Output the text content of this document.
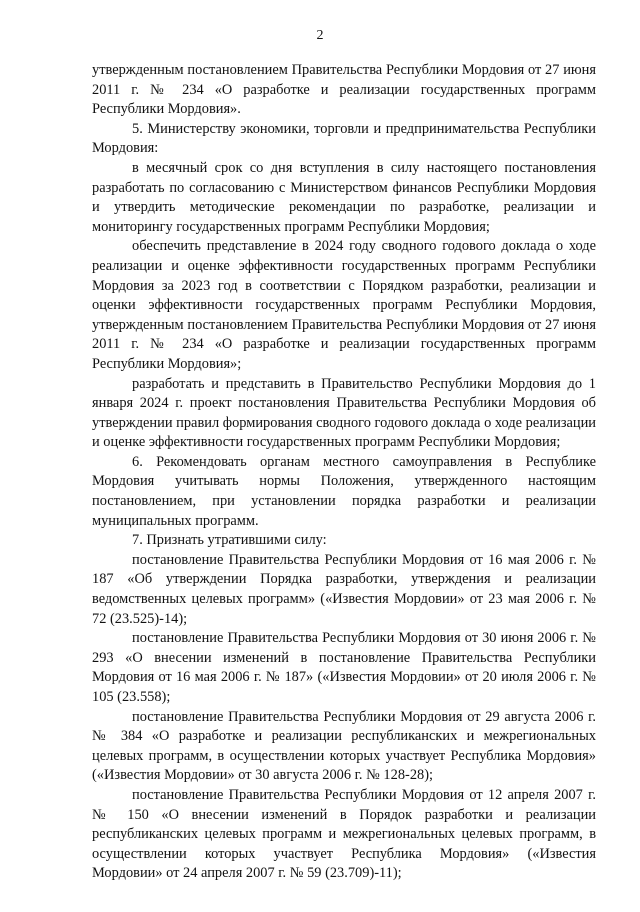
2

утвержденным постановлением Правительства Республики Мордовия от 27 июня 2011 г. № 234 «О разработке и реализации государственных программ Республики Мордовия».

5. Министерству экономики, торговли и предпринимательства Республики Мордовия:

в месячный срок со дня вступления в силу настоящего постановления разработать по согласованию с Министерством финансов Республики Мордовия и утвердить методические рекомендации по разработке, реализации и мониторингу государственных программ Республики Мордовия;

обеспечить представление в 2024 году сводного годового доклада о ходе реализации и оценке эффективности государственных программ Республики Мордовия за 2023 год в соответствии с Порядком разработки, реализации и оценки эффективности государственных программ Республики Мордовия, утвержденным постановлением Правительства Республики Мордовия от 27 июня 2011 г. № 234 «О разработке и реализации государственных программ Республики Мордовия»;

разработать и представить в Правительство Республики Мордовия до 1 января 2024 г. проект постановления Правительства Республики Мордовия об утверждении правил формирования сводного годового доклада о ходе реализации и оценке эффективности государственных программ Республики Мордовия;

6. Рекомендовать органам местного самоуправления в Республике Мордовия учитывать нормы Положения, утвержденного настоящим постановлением, при установлении порядка разработки и реализации муниципальных программ.

7. Признать утратившими силу:

постановление Правительства Республики Мордовия от 16 мая 2006 г. № 187 «Об утверждении Порядка разработки, утверждения и реализации ведомственных целевых программ» («Известия Мордовии» от 23 мая 2006 г. № 72 (23.525)-14);

постановление Правительства Республики Мордовия от 30 июня 2006 г. № 293 «О внесении изменений в постановление Правительства Республики Мордовия от 16 мая 2006 г. № 187» («Известия Мордовии» от 20 июля 2006 г. № 105 (23.558);

постановление Правительства Республики Мордовия от 29 августа 2006 г. № 384 «О разработке и реализации республиканских и межрегиональных целевых программ, в осуществлении которых участвует Республика Мордовия» («Известия Мордовии» от 30 августа 2006 г. № 128-28);

постановление Правительства Республики Мордовия от 12 апреля 2007 г. № 150 «О внесении изменений в Порядок разработки и реализации республиканских целевых программ и межрегиональных целевых программ, в осуществлении которых участвует Республика Мордовия» («Известия Мордовии» от 24 апреля 2007 г. № 59 (23.709)-11);
